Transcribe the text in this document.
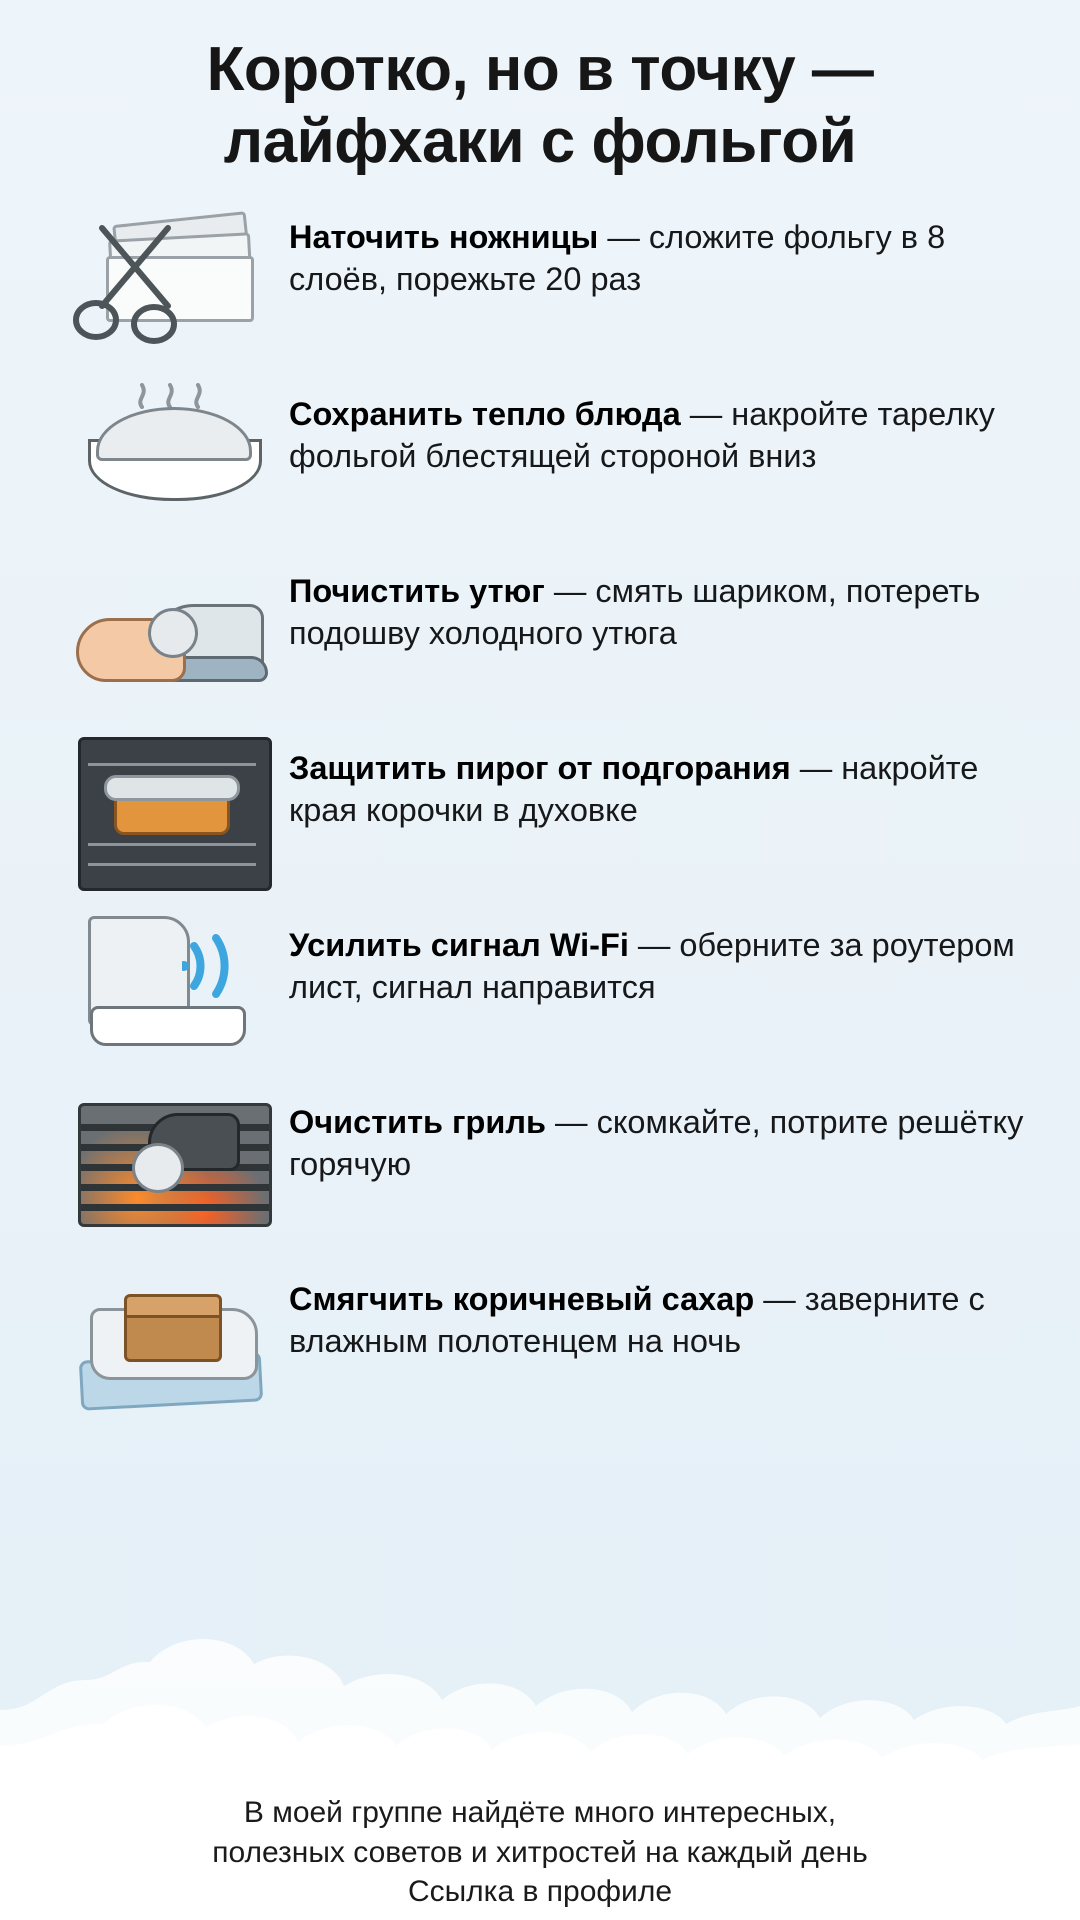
Коротко, но в точку — лайфхаки с фольгой
Наточить ножницы — сложите фольгу в 8 слоёв, порежьте 20 раз
Сохранить тепло блюда — накройте тарелку фольгой блестящей стороной вниз
Почистить утюг — смять шариком, потереть подошву холодного утюга
Защитить пирог от подгорания — накройте края корочки в духовке
Усилить сигнал Wi-Fi — оберните за роутером лист, сигнал направится
Очистить гриль — скомкайте, потрите решётку горячую
Смягчить коричневый сахар — заверните с влажным полотенцем на ночь
В моей группе найдёте много интересных,
полезных советов и хитростей на каждый день
Ссылка в профиле
